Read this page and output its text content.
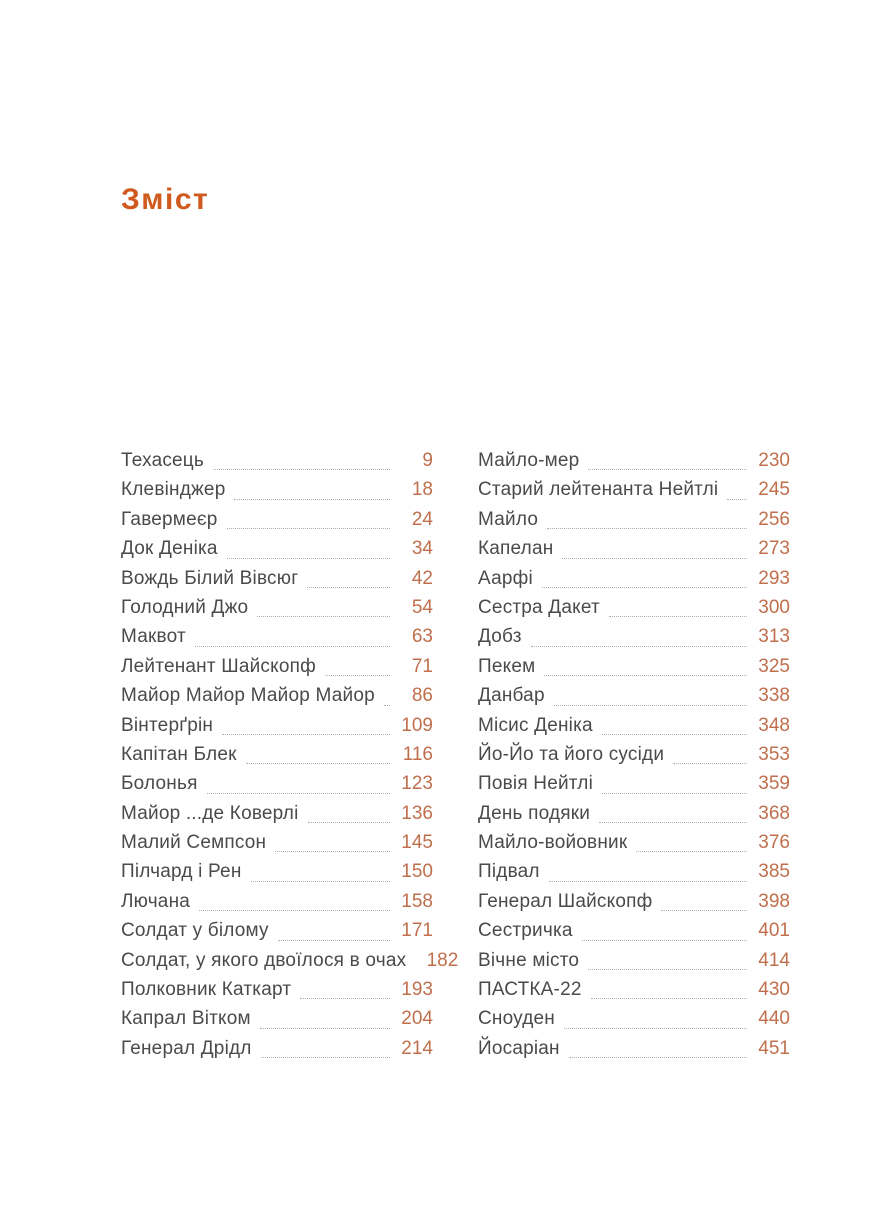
Зміст
Техасець	9
Клевінджер	18
Гавермеєр	24
Док Деніка	34
Вождь Білий Вівсюг	42
Голодний Джо	54
Маквот	63
Лейтенант Шайскопф	71
Майор Майор Майор Майор	86
Вінтерґрін	109
Капітан Блек	116
Болонья	123
Майор ...де Коверлі	136
Малий Семпсон	145
Пілчард і Рен	150
Лючана	158
Солдат у білому	171
Солдат, у якого двоїлося в очах 182
Полковник Каткарт	193
Капрал Вітком	204
Генерал Дрідл	214
Майло-мер	230
Старий лейтенанта Нейтлі 245
Майло	256
Капелан	273
Аарфі	293
Сестра Дакет	300
Добз	313
Пекем	325
Данбар	338
Місис Деніка	348
Йо-Йо та його сусіди	353
Повія Нейтлі	359
День подяки	368
Майло-войовник	376
Підвал	385
Генерал Шайскопф	398
Сестричка	401
Вічне місто	414
ПАСТКА-22	430
Сноуден	440
Йосаріан	451
